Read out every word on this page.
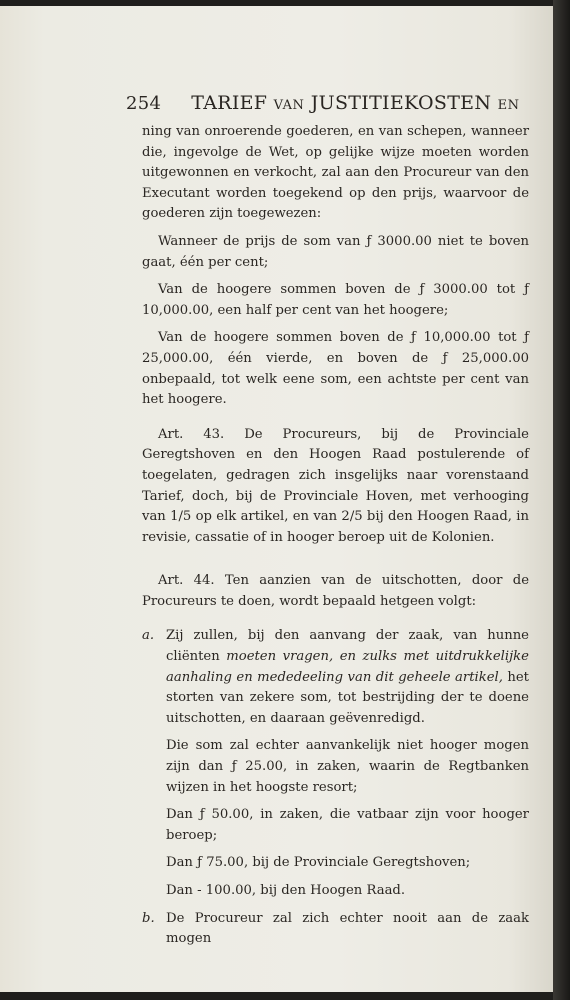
254 TARIEF VAN JUSTITIEKOSTEN EN

ning van onroerende goederen, en van schepen, wanneer die, ingevolge de Wet, op gelijke wijze moeten worden uitgewonnen en verkocht, zal aan den Procureur van den Executant worden toegekend op den prijs, waarvoor de goederen zijn toegewezen:

Wanneer de prijs de som van ƒ 3000.00 niet te boven gaat, één per cent;

Van de hoogere sommen boven de ƒ 3000.00 tot ƒ 10,000.00, een half per cent van het hoogere;

Van de hoogere sommen boven de ƒ 10,000.00 tot ƒ 25,000.00, één vierde, en boven de ƒ 25,000.00 onbepaald, tot welk eene som, een achtste per cent van het hoogere.

Art. 43. De Procureurs, bij de Provinciale Geregtshoven en den Hoogen Raad postulerende of toegelaten, gedragen zich insgelijks naar vorenstaand Tarief, doch, bij de Provinciale Hoven, met verhooging van 1/5 op elk artikel, en van 2/5 bij den Hoogen Raad, in revisie, cassatie of in hooger beroep uit de Kolonien.

Art. 44. Ten aanzien van de uitschotten, door de Procureurs te doen, wordt bepaald hetgeen volgt:

a. Zij zullen, bij den aanvang der zaak, van hunne cliënten moeten vragen, en zulks met uitdrukkelijke aanhaling en mededeeling van dit geheele artikel, het storten van zekere som, tot bestrijding der te doene uitschotten, en daaraan geëvenredigd.

Die som zal echter aanvankelijk niet hooger mogen zijn dan ƒ 25.00, in zaken, waarin de Regtbanken wijzen in het hoogste resort;

Dan ƒ 50.00, in zaken, die vatbaar zijn voor hooger beroep;

Dan ƒ 75.00, bij de Provinciale Geregtshoven;

Dan - 100.00, bij den Hoogen Raad.

b. De Procureur zal zich echter nooit aan de zaak mogen
